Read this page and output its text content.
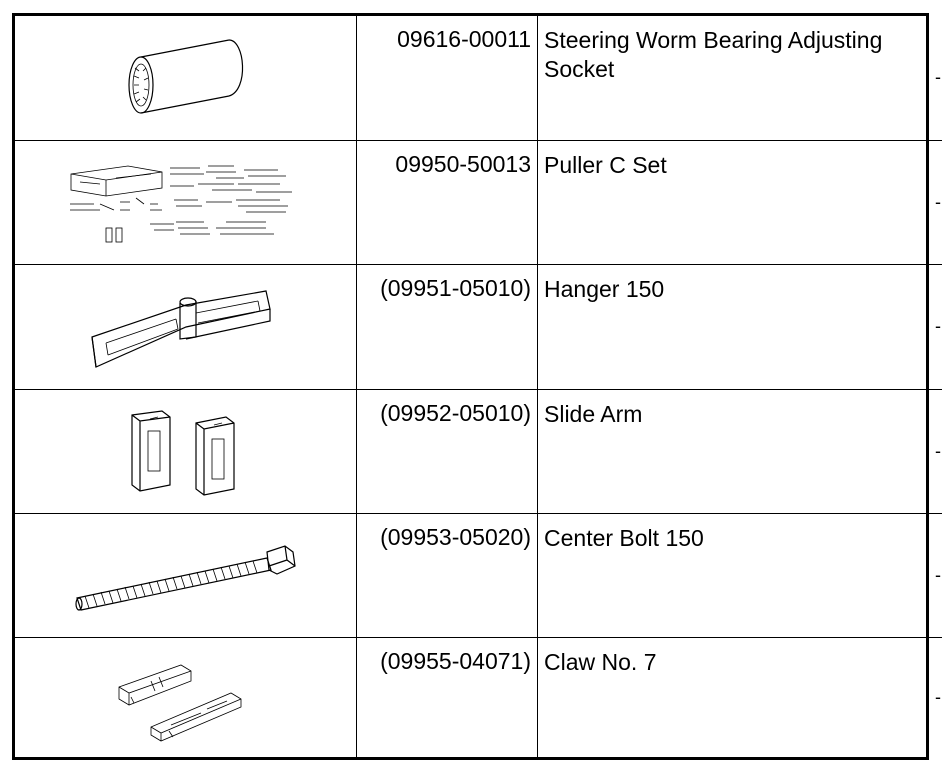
	09616-00011	Steering Worm Bearing Adjusting Socket	-

	09950-50013	Puller C Set	-

	(09951-05010)	Hanger 150	-

	(09952-05010)	Slide Arm	-

	(09953-05020)	Center Bolt 150	-

	(09955-04071)	Claw No. 7	-
